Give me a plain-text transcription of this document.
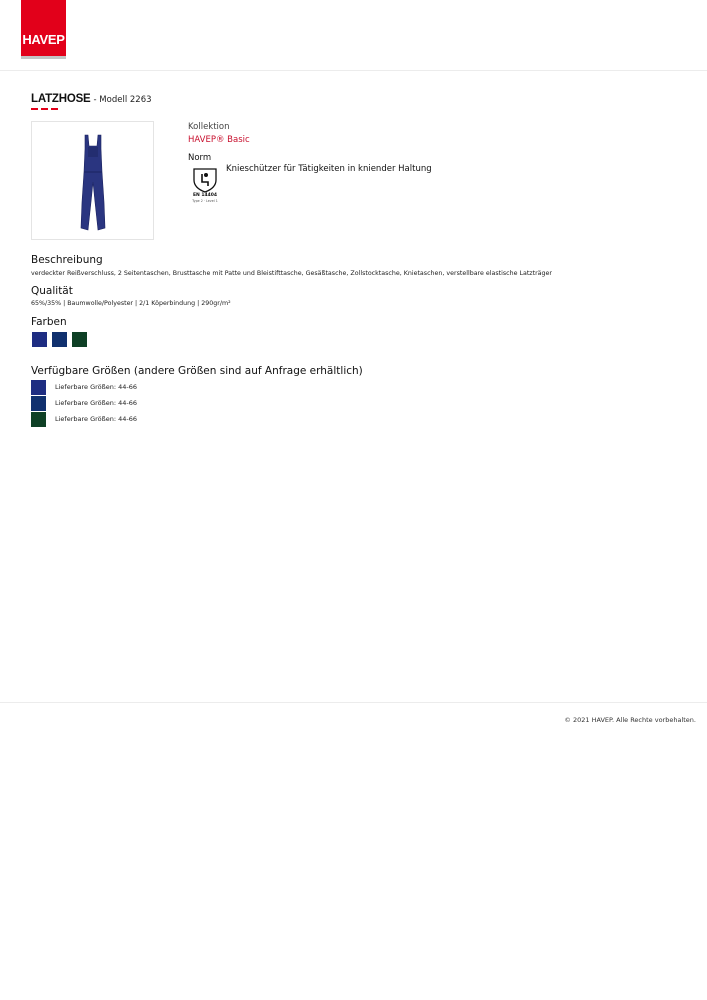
HAVEP
LATZHOSE - Modell 2263
Kollektion
HAVEP® Basic
Norm
EN 14404
Type 2 · Level 1
Knieschützer für Tätigkeiten in kniender Haltung
Beschreibung
verdeckter Reißverschluss, 2 Seitentaschen, Brusttasche mit Patte und Bleistifttasche, Gesäßtasche, Zollstocktasche, Knietaschen, verstellbare elastische Latzträger
Qualität
65%/35% | Baumwolle/Polyester | 2/1 Köperbindung | 290gr/m²
Farben
Verfügbare Größen (andere Größen sind auf Anfrage erhältlich)
Lieferbare Größen: 44-66
Lieferbare Größen: 44-66
Lieferbare Größen: 44-66
© 2021 HAVEP. Alle Rechte vorbehalten.
